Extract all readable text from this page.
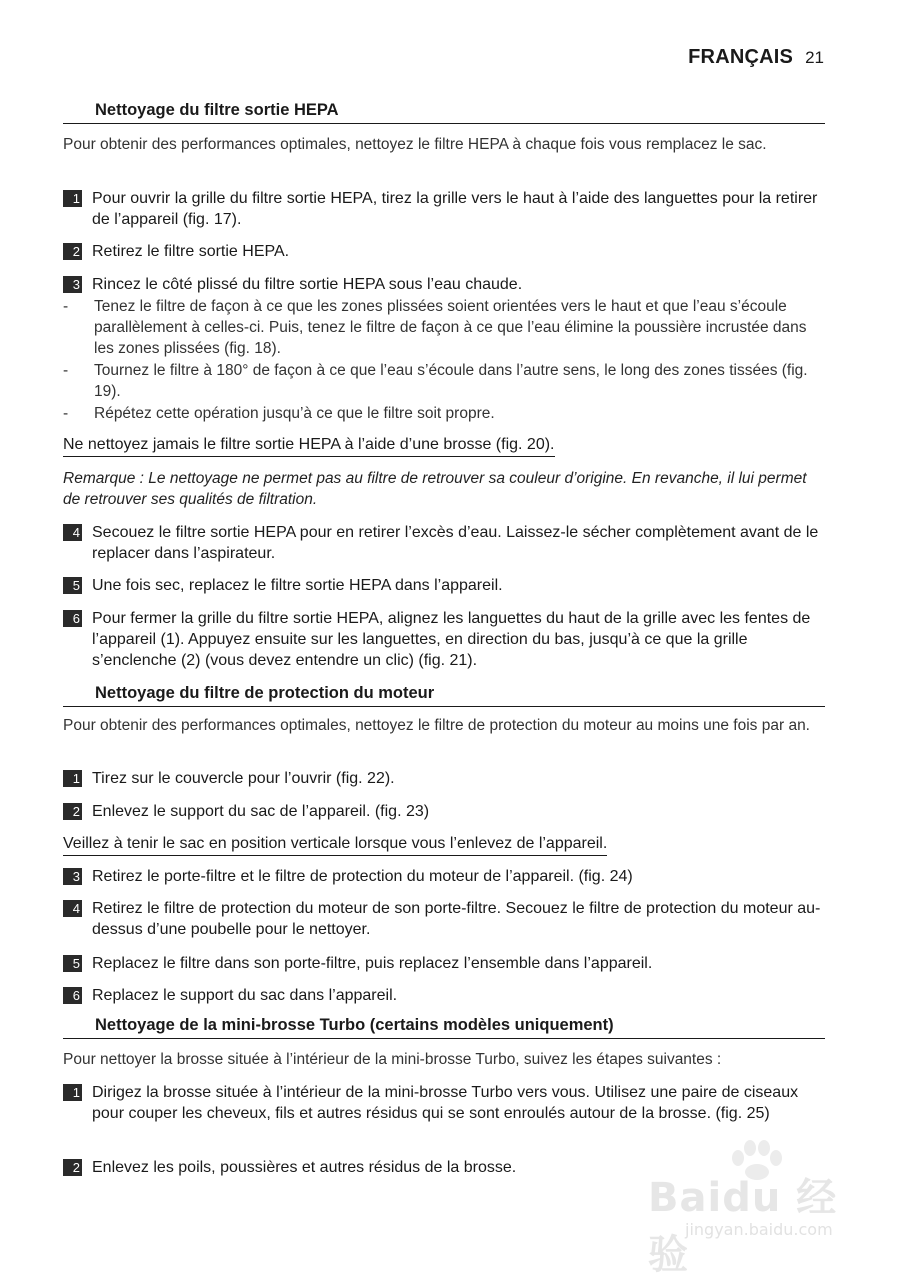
FRANÇAIS 21
Nettoyage du filtre sortie HEPA
Pour obtenir des performances optimales, nettoyez le filtre HEPA à chaque fois vous remplacez le sac.
1 Pour ouvrir la grille du filtre sortie HEPA, tirez la grille vers le haut à l’aide des languettes pour la retirer de l’appareil (fig. 17).
2 Retirez le filtre sortie HEPA.
3 Rincez le côté plissé du filtre sortie HEPA sous l’eau chaude.
-	Tenez le filtre de façon à ce que les zones plissées soient orientées vers le haut et que l’eau s’écoule parallèlement à celles-ci. Puis, tenez le filtre de façon à ce que l’eau élimine la poussière incrustée dans les zones plissées (fig. 18).
-	Tournez le filtre à 180° de façon à ce que l’eau s’écoule dans l’autre sens, le long des zones tissées (fig. 19).
-	Répétez cette opération jusqu’à ce que le filtre soit propre.
Ne nettoyez jamais le filtre sortie HEPA à l’aide d’une brosse (fig. 20).
Remarque : Le nettoyage ne permet pas au filtre de retrouver sa couleur d’origine. En revanche, il lui permet de retrouver ses qualités de filtration.
4 Secouez le filtre sortie HEPA pour en retirer l’excès d’eau. Laissez-le sécher complètement avant de le replacer dans l’aspirateur.
5 Une fois sec, replacez le filtre sortie HEPA dans l’appareil.
6 Pour fermer la grille du filtre sortie HEPA, alignez les languettes du haut de la grille avec les fentes de l’appareil (1). Appuyez ensuite sur les languettes, en direction du bas, jusqu’à ce que la grille s’enclenche (2) (vous devez entendre un clic) (fig. 21).
Nettoyage du filtre de protection du moteur
Pour obtenir des performances optimales, nettoyez le filtre de protection du moteur au moins une fois par an.
1 Tirez sur le couvercle pour l’ouvrir (fig. 22).
2 Enlevez le support du sac de l’appareil. (fig. 23)
Veillez à tenir le sac en position verticale lorsque vous l’enlevez de l’appareil.
3 Retirez le porte-filtre et le filtre de protection du moteur de l’appareil. (fig. 24)
4 Retirez le filtre de protection du moteur de son porte-filtre. Secouez le filtre de protection du moteur au-dessus d’une poubelle pour le nettoyer.
5 Replacez le filtre dans son porte-filtre, puis replacez l’ensemble dans l’appareil.
6 Replacez le support du sac dans l’appareil.
Nettoyage de la mini-brosse Turbo (certains modèles uniquement)
Pour nettoyer la brosse située à l’intérieur de la mini-brosse Turbo, suivez les étapes suivantes :
1 Dirigez la brosse située à l’intérieur de la mini-brosse Turbo vers vous. Utilisez une paire de ciseaux pour couper les cheveux, fils et autres résidus qui se sont enroulés autour de la brosse. (fig. 25)
2 Enlevez les poils, poussières et autres résidus de la brosse.
Baidu 经验
jingyan.baidu.com
